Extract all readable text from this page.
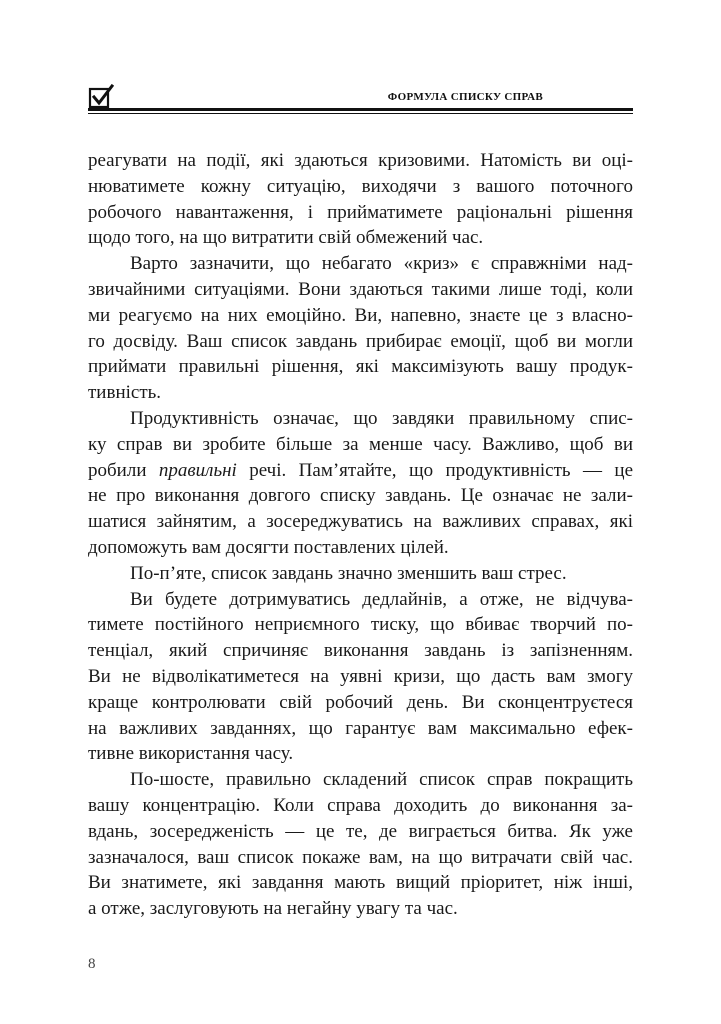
ФОРМУЛА СПИСКУ СПРАВ
реагувати на події, які здаються кризовими. Натомість ви оці-
нюватимете кожну ситуацію, виходячи з вашого поточного
робочого навантаження, і прийматимете раціональні рішення
щодо того, на що витратити свій обмежений час.
Варто зазначити, що небагато «криз» є справжніми над-
звичайними ситуаціями. Вони здаються такими лише тоді, коли
ми реагуємо на них емоційно. Ви, напевно, знаєте це з власно-
го досвіду. Ваш список завдань прибирає емоції, щоб ви могли
приймати правильні рішення, які максимізують вашу продук-
тивність.
Продуктивність означає, що завдяки правильному спис-
ку справ ви зробите більше за менше часу. Важливо, щоб ви
робили правильні речі. Пам’ятайте, що продуктивність — це
не про виконання довгого списку завдань. Це означає не зали-
шатися зайнятим, а зосереджуватись на важливих справах, які
допоможуть вам досягти поставлених цілей.
По-п’яте, список завдань значно зменшить ваш стрес.
Ви будете дотримуватись дедлайнів, а отже, не відчува-
тимете постійного неприємного тиску, що вбиває творчий по-
тенціал, який спричиняє виконання завдань із запізненням.
Ви не відволікатиметеся на уявні кризи, що дасть вам змогу
краще контролювати свій робочий день. Ви сконцентруєтеся
на важливих завданнях, що гарантує вам максимально ефек-
тивне використання часу.
По-шосте, правильно складений список справ покращить
вашу концентрацію. Коли справа доходить до виконання за-
вдань, зосередженість — це те, де виграється битва. Як уже
зазначалося, ваш список покаже вам, на що витрачати свій час.
Ви знатимете, які завдання мають вищий пріоритет, ніж інші,
а отже, заслуговують на негайну увагу та час.
8
